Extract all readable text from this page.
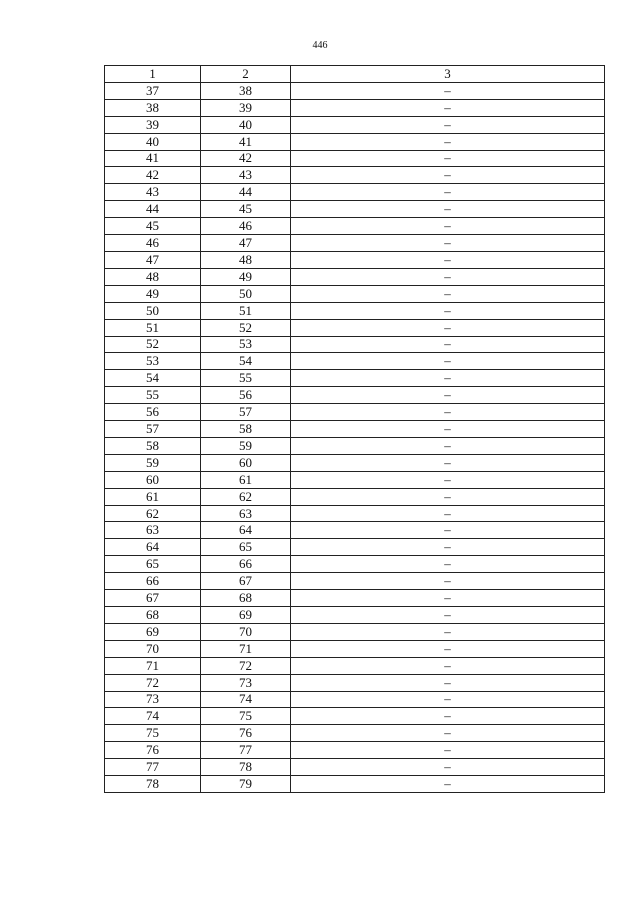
446
1	2	3
37	38	–
38	39	–
39	40	–
40	41	–
41	42	–
42	43	–
43	44	–
44	45	–
45	46	–
46	47	–
47	48	–
48	49	–
49	50	–
50	51	–
51	52	–
52	53	–
53	54	–
54	55	–
55	56	–
56	57	–
57	58	–
58	59	–
59	60	–
60	61	–
61	62	–
62	63	–
63	64	–
64	65	–
65	66	–
66	67	–
67	68	–
68	69	–
69	70	–
70	71	–
71	72	–
72	73	–
73	74	–
74	75	–
75	76	–
76	77	–
77	78	–
78	79	–
